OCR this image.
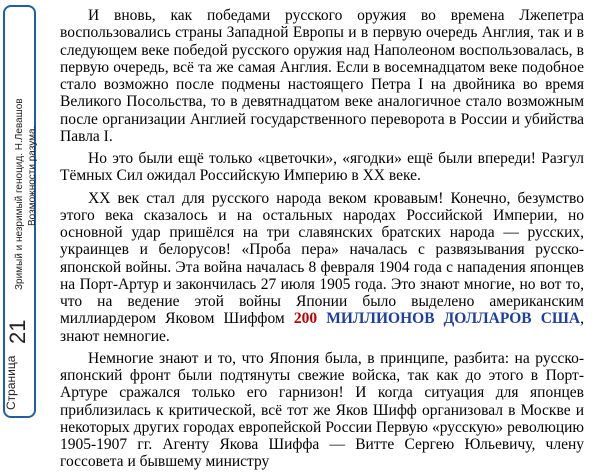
Страница
21
Зримый и незримый геноцид. Н.Левашов Возможности разума.

И вновь, как победами русского оружия во времена Лжепетра воспользовались страны Западной Европы и в первую очередь Англия, так и в следующем веке победой русского оружия над Наполеоном воспользовалась, в первую очередь, всё та же самая Англия. Если в восемнадцатом веке подобное стало возможно после подмены настоящего Петра I на двойника во время Великого Посольства, то в девятнадцатом веке аналогичное стало возможным после организации Англией государственного переворота в России и убийства Павла I.

Но это были ещё только «цветочки», «ягодки» ещё были впереди! Разгул Тёмных Сил ожидал Российскую Империю в XX веке.

XX век стал для русского народа веком кровавым! Конечно, безумство этого века сказалось и на остальных народах Российской Империи, но основной удар пришёлся на три славянских братских народа — русских, украинцев и белорусов! «Проба пера» началась с развязывания русско-японской войны. Эта война началась 8 февраля 1904 года с нападения японцев на Порт-Артур и закончилась 27 июля 1905 года. Это знают многие, но вот то, что на ведение этой войны Японии было выделено американским миллиардером Яковом Шиффом 200 МИЛЛИОНОВ ДОЛЛАРОВ США, знают немногие.

Немногие знают и то, что Япония была, в принципе, разбита: на русско-японский фронт были подтянуты свежие войска, так как до этого в Порт-Артуре сражался только его гарнизон! И когда ситуация для японцев приблизилась к критической, всё тот же Яков Шифф организовал в Москве и некоторых других городах европейской России Первую «русскую» революцию 1905-1907 гг. Агенту Якова Шиффа — Витте Сергею Юльевичу, члену госсовета и бывшему министру
